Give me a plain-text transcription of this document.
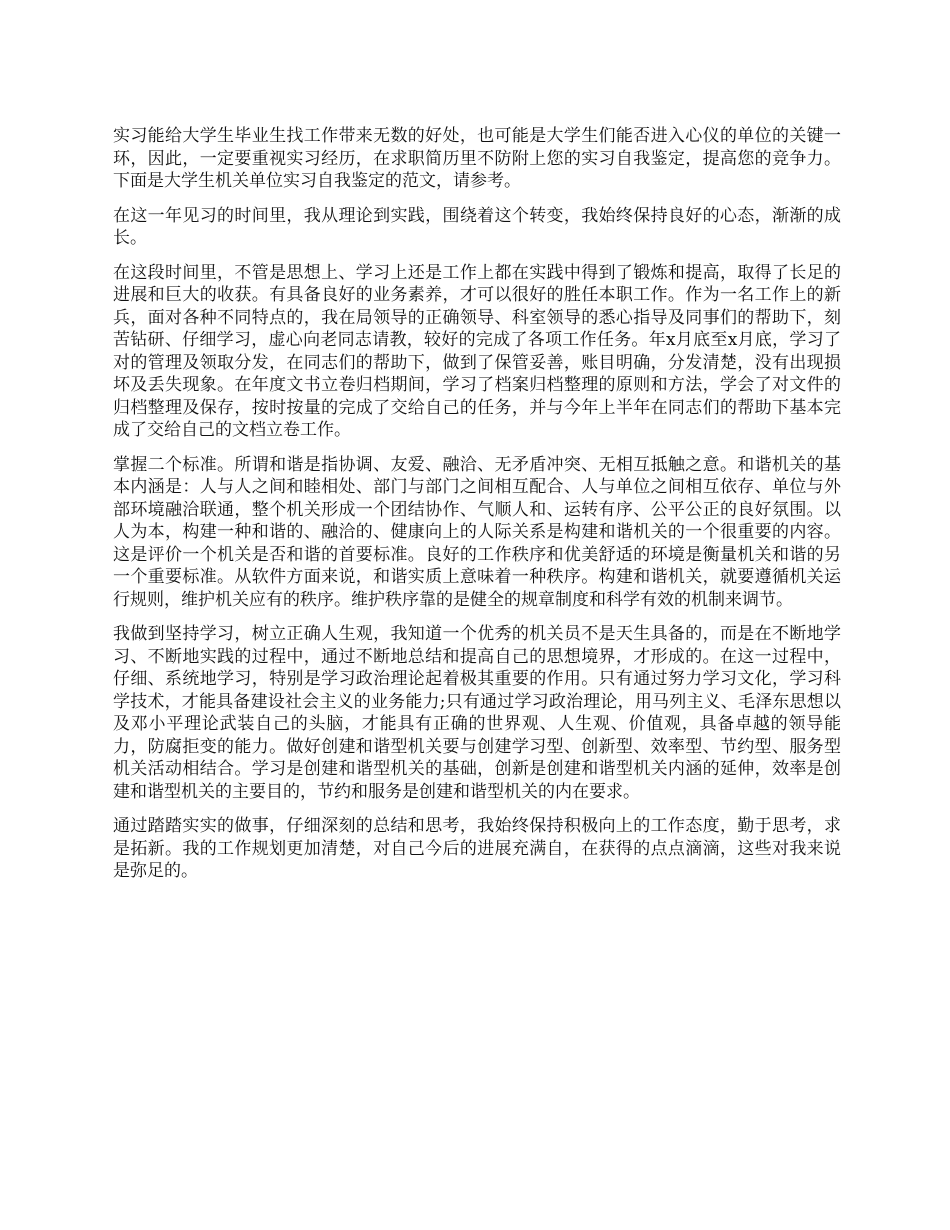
实习能给大学生毕业生找工作带来无数的好处，也可能是大学生们能否进入心仪的单位的关键一环，因此，一定要重视实习经历，在求职简历里不防附上您的实习自我鉴定，提高您的竞争力。下面是大学生机关单位实习自我鉴定的范文，请参考。

在这一年见习的时间里，我从理论到实践，围绕着这个转变，我始终保持良好的心态，渐渐的成长。

在这段时间里，不管是思想上、学习上还是工作上都在实践中得到了锻炼和提高，取得了长足的进展和巨大的收获。有具备良好的业务素养，才可以很好的胜任本职工作。作为一名工作上的新兵，面对各种不同特点的，我在局领导的正确领导、科室领导的悉心指导及同事们的帮助下，刻苦钻研、仔细学习，虚心向老同志请教，较好的完成了各项工作任务。年x月底至x月底，学习了对的管理及领取分发，在同志们的帮助下，做到了保管妥善，账目明确，分发清楚，没有出现损坏及丢失现象。在年度文书立卷归档期间，学习了档案归档整理的原则和方法，学会了对文件的归档整理及保存，按时按量的完成了交给自己的任务，并与今年上半年在同志们的帮助下基本完成了交给自己的文档立卷工作。

掌握二个标准。所谓和谐是指协调、友爱、融洽、无矛盾冲突、无相互抵触之意。和谐机关的基本内涵是：人与人之间和睦相处、部门与部门之间相互配合、人与单位之间相互依存、单位与外部环境融洽联通，整个机关形成一个团结协作、气顺人和、运转有序、公平公正的良好氛围。以人为本，构建一种和谐的、融洽的、健康向上的人际关系是构建和谐机关的一个很重要的内容。这是评价一个机关是否和谐的首要标准。良好的工作秩序和优美舒适的环境是衡量机关和谐的另一个重要标准。从软件方面来说，和谐实质上意味着一种秩序。构建和谐机关，就要遵循机关运行规则，维护机关应有的秩序。维护秩序靠的是健全的规章制度和科学有效的机制来调节。

我做到坚持学习，树立正确人生观，我知道一个优秀的机关员不是天生具备的，而是在不断地学习、不断地实践的过程中，通过不断地总结和提高自己的思想境界，才形成的。在这一过程中，仔细、系统地学习，特别是学习政治理论起着极其重要的作用。只有通过努力学习文化，学习科学技术，才能具备建设社会主义的业务能力;只有通过学习政治理论，用马列主义、毛泽东思想以及邓小平理论武装自己的头脑，才能具有正确的世界观、人生观、价值观，具备卓越的领导能力，防腐拒变的能力。做好创建和谐型机关要与创建学习型、创新型、效率型、节约型、服务型机关活动相结合。学习是创建和谐型机关的基础，创新是创建和谐型机关内涵的延伸，效率是创建和谐型机关的主要目的，节约和服务是创建和谐型机关的内在要求。

通过踏踏实实的做事，仔细深刻的总结和思考，我始终保持积极向上的工作态度，勤于思考，求是拓新。我的工作规划更加清楚，对自己今后的进展充满自，在获得的点点滴滴，这些对我来说是弥足的。
